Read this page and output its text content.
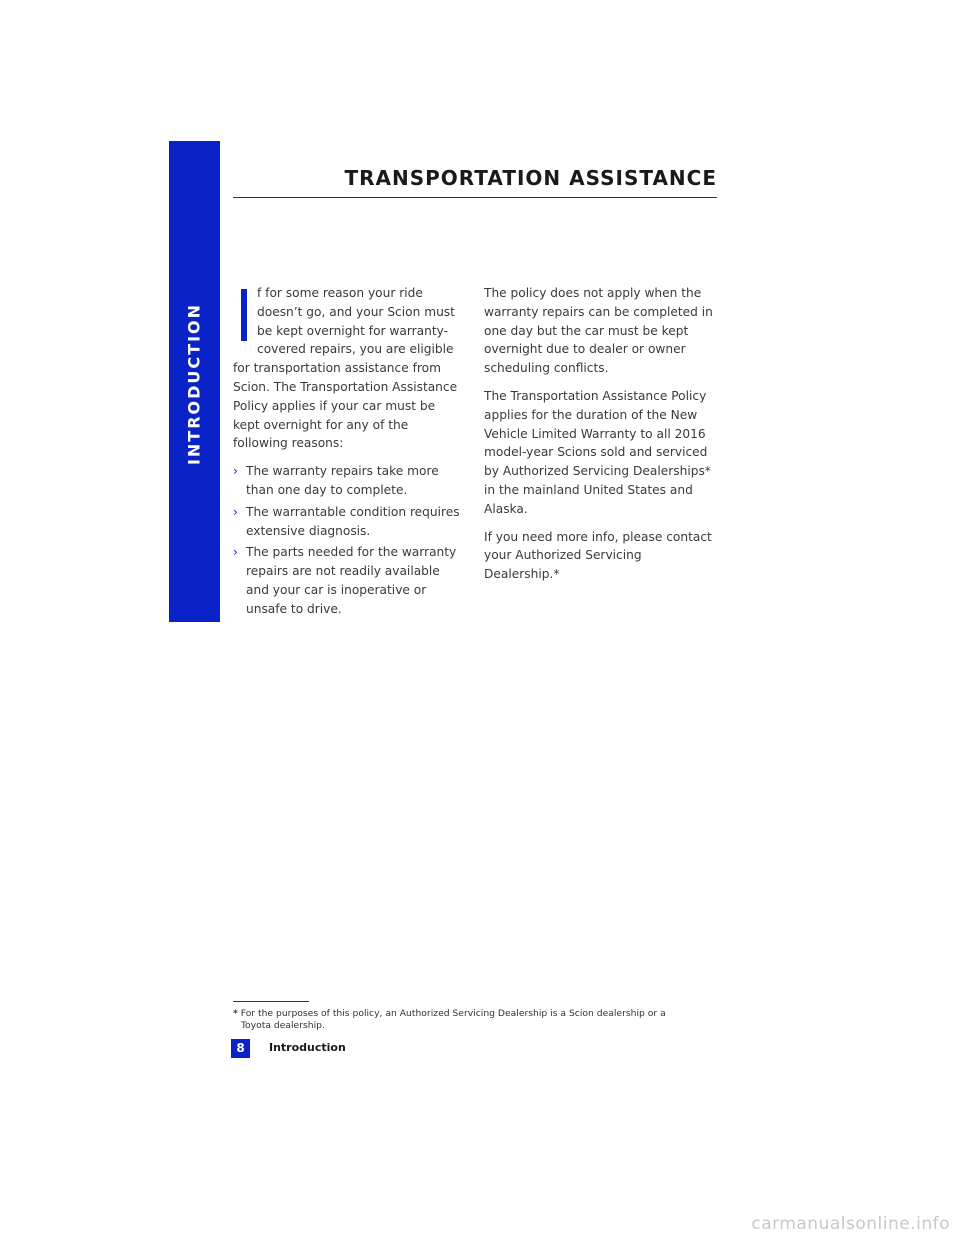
INTRODUCTION
TRANSPORTATION ASSISTANCE

f for some reason your ride doesn’t go, and your Scion must be kept overnight for warranty-covered repairs, you are eligible for transportation assistance from Scion. The Transportation Assistance Policy applies if your car must be kept overnight for any of the following reasons:

› The warranty repairs take more than one day to complete.
› The warrantable condition requires extensive diagnosis.
› The parts needed for the warranty repairs are not readily available and your car is inoperative or unsafe to drive.

The policy does not apply when the warranty repairs can be completed in one day but the car must be kept overnight due to dealer or owner scheduling conflicts.

The Transportation Assistance Policy applies for the duration of the New Vehicle Limited Warranty to all 2016 model-year Scions sold and serviced by Authorized Servicing Dealerships* in the mainland United States and Alaska.

If you need more info, please contact your Authorized Servicing Dealership.*

* For the purposes of this policy, an Authorized Servicing Dealership is a Scion dealership or a
Toyota dealership.
8	Introduction
carmanualsonline.info
